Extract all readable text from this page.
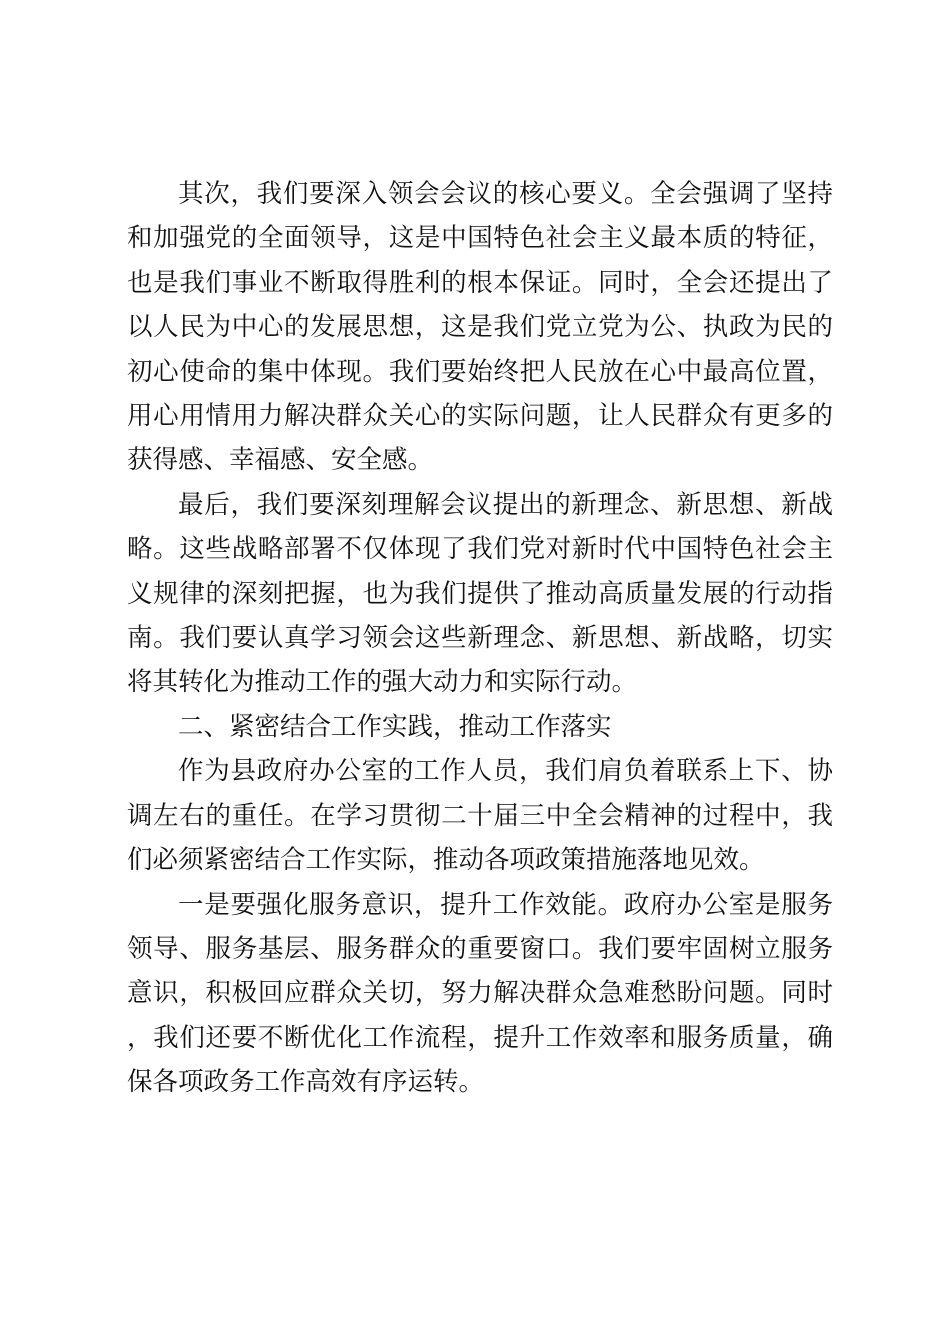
其次，我们要深入领会会议的核心要义。全会强调了坚持和加强党的全面领导，这是中国特色社会主义最本质的特征，也是我们事业不断取得胜利的根本保证。同时，全会还提出了以人民为中心的发展思想，这是我们党立党为公、执政为民的初心使命的集中体现。我们要始终把人民放在心中最高位置，用心用情用力解决群众关心的实际问题，让人民群众有更多的获得感、幸福感、安全感。

最后，我们要深刻理解会议提出的新理念、新思想、新战略。这些战略部署不仅体现了我们党对新时代中国特色社会主义规律的深刻把握，也为我们提供了推动高质量发展的行动指南。我们要认真学习领会这些新理念、新思想、新战略，切实将其转化为推动工作的强大动力和实际行动。

二、紧密结合工作实践，推动工作落实

作为县政府办公室的工作人员，我们肩负着联系上下、协调左右的重任。在学习贯彻二十届三中全会精神的过程中，我们必须紧密结合工作实际，推动各项政策措施落地见效。

一是要强化服务意识，提升工作效能。政府办公室是服务领导、服务基层、服务群众的重要窗口。我们要牢固树立服务意识，积极回应群众关切，努力解决群众急难愁盼问题。同时，我们还要不断优化工作流程，提升工作效率和服务质量，确保各项政务工作高效有序运转。
